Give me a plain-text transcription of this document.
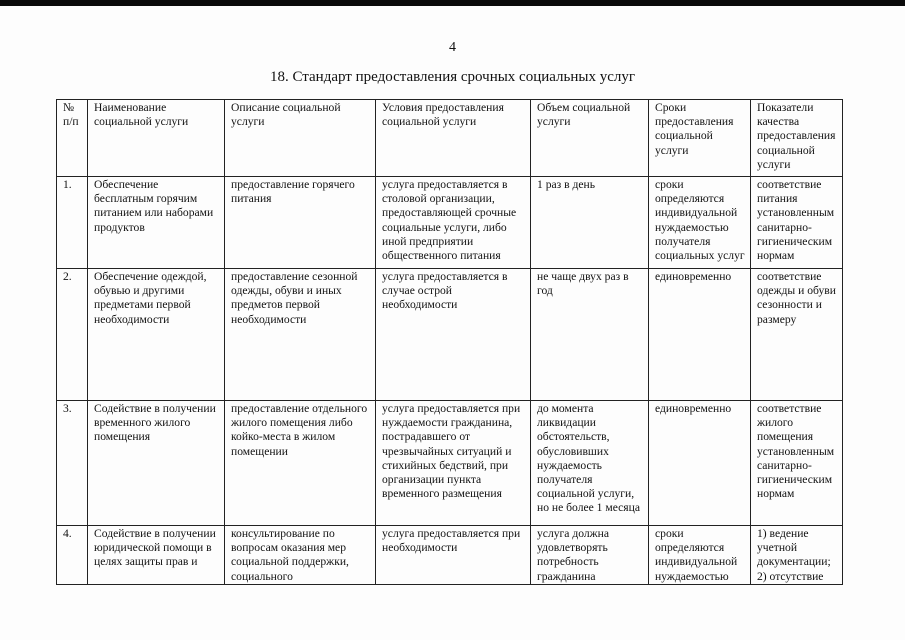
4
18. Стандарт предоставления срочных социальных услуг
№ п/п	Наименование социальной услуги	Описание социальной услуги	Условия предоставления социальной услуги	Объем социальной услуги	Сроки предоставления социальной услуги	Показатели качества предоставления социальной услуги
1.	Обеспечение бесплатным горячим питанием или наборами продуктов	предоставление горячего питания	услуга предоставляется в столовой организации, предоставляющей срочные социальные услуги, либо иной предприятии общественного питания	1 раз в день	сроки определяются индивидуальной нуждаемостью получателя социальных услуг	соответствие питания установленным санитарно-гигиеническим нормам
2.	Обеспечение одеждой, обувью и другими предметами первой необходимости	предоставление сезонной одежды, обуви и иных предметов первой необходимости	услуга предоставляется в случае острой необходимости	не чаще двух раз в год	единовременно	соответствие одежды и обуви сезонности и размеру
3.	Содействие в получении временного жилого помещения	предоставление отдельного жилого помещения либо койко-места в жилом помещении	услуга предоставляется при нуждаемости гражданина, пострадавшего от чрезвычайных ситуаций и стихийных бедствий, при организации пункта временного размещения	до момента ликвидации обстоятельств, обусловивших нуждаемость получателя социальной услуги, но не более 1 месяца	единовременно	соответствие жилого помещения установленным санитарно-гигиеническим нормам
4.	Содействие в получении юридической помощи в целях защиты прав и	консультирование по вопросам оказания мер социальной поддержки, социального	услуга предоставляется при необходимости	услуга должна удовлетворять потребность гражданина	сроки определяются индивидуальной нуждаемостью	1) ведение учетной документации; 2) отсутствие
